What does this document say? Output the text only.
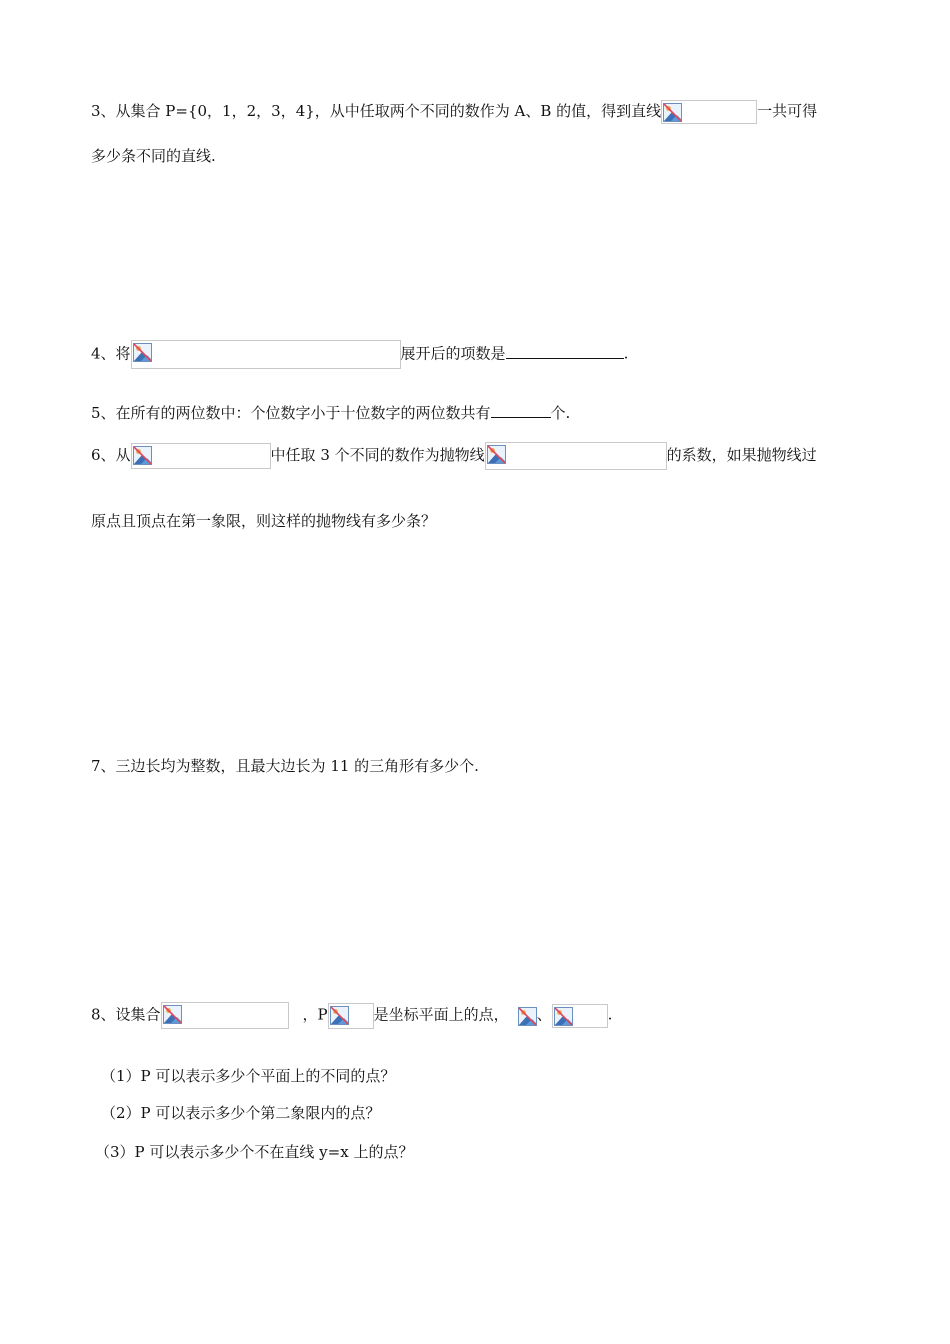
3、从集合 P={0，1，2，3，4}，从中任取两个不同的数作为 A、B 的值，得到直线	一共可得
多少条不同的直线.
4、将	展开后的项数是	.
5、在所有的两位数中：个位数字小于十位数字的两位数共有	个.
6、从	中任取 3 个不同的数作为抛物线	的系数，如果抛物线过
原点且顶点在第一象限，则这样的抛物线有多少条？
7、三边长均为整数，且最大边长为 11 的三角形有多少个.
8、设集合	，P	是坐标平面上的点， 、	.
（1）P 可以表示多少个平面上的不同的点？
（2）P 可以表示多少个第二象限内的点？
（3）P 可以表示多少个不在直线 y=x 上的点？
